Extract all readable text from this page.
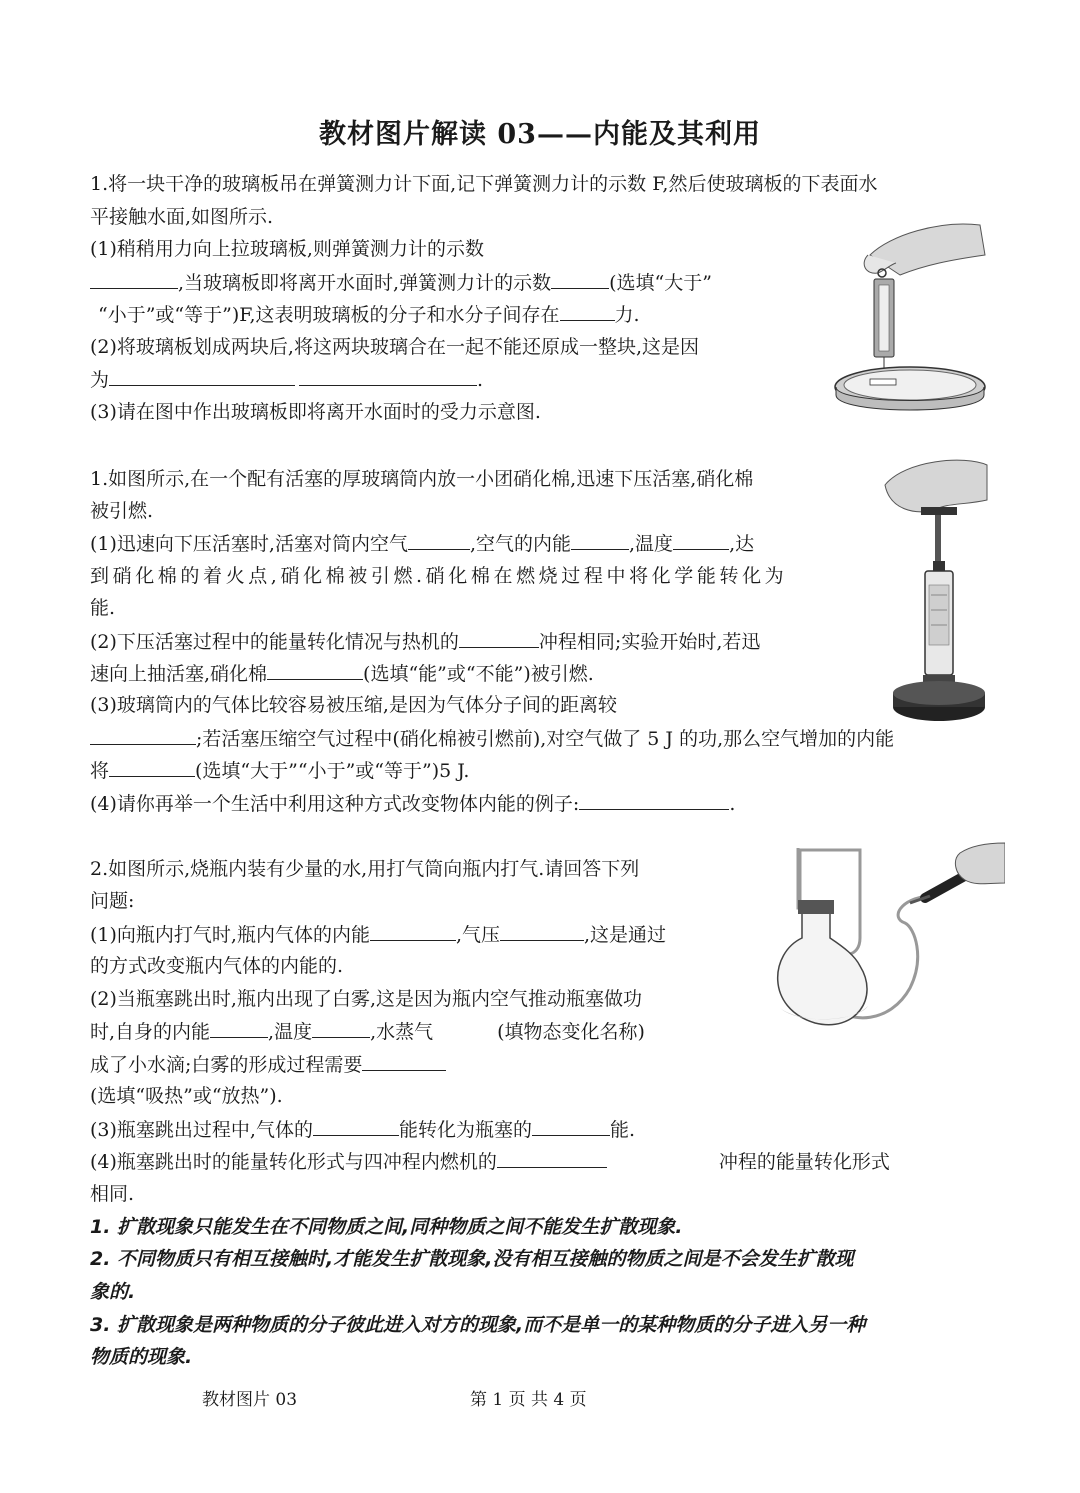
教材图片解读 03——内能及其利用
1.将一块干净的玻璃板吊在弹簧测力计下面,记下弹簧测力计的示数 F,然后使玻璃板的下表面水
平接触水面,如图所示.
(1)稍稍用力向上拉玻璃板,则弹簧测力计的示数
,当玻璃板即将离开水面时,弹簧测力计的示数	(选填“大于”
“小于”或“等于”)F,这表明玻璃板的分子和水分子间存在	力.
(2)将玻璃板划成两块后,将这两块玻璃合在一起不能还原成一整块,这是因
为	.
(3)请在图中作出玻璃板即将离开水面时的受力示意图.
1.如图所示,在一个配有活塞的厚玻璃筒内放一小团硝化棉,迅速下压活塞,硝化棉
被引燃.
(1)迅速向下压活塞时,活塞对筒内空气	,空气的内能	,温度	,达
到硝化棉的着火点,硝化棉被引燃.硝化棉在燃烧过程中将化学能转化为
能.
(2)下压活塞过程中的能量转化情况与热机的	冲程相同;实验开始时,若迅
速向上抽活塞,硝化棉	(选填“能”或“不能”)被引燃.
(3)玻璃筒内的气体比较容易被压缩,是因为气体分子间的距离较
;若活塞压缩空气过程中(硝化棉被引燃前),对空气做了 5 J 的功,那么空气增加的内能
将	(选填“大于”“小于”或“等于”)5 J.
(4)请你再举一个生活中利用这种方式改变物体内能的例子:	.
2.如图所示,烧瓶内装有少量的水,用打气筒向瓶内打气.请回答下列
问题:
(1)向瓶内打气时,瓶内气体的内能	,气压	,这是通过
的方式改变瓶内气体的内能的.
(2)当瓶塞跳出时,瓶内出现了白雾,这是因为瓶内空气推动瓶塞做功
时,自身的内能	,温度	,水蒸气	(填物态变化名称)
成了小水滴;白雾的形成过程需要
(选填“吸热”或“放热”).
(3)瓶塞跳出过程中,气体的	能转化为瓶塞的	能.
(4)瓶塞跳出时的能量转化形式与四冲程内燃机的	冲程的能量转化形式
相同.
1. 扩散现象只能发生在不同物质之间,同种物质之间不能发生扩散现象.
2. 不同物质只有相互接触时,才能发生扩散现象,没有相互接触的物质之间是不会发生扩散现
象的.
3. 扩散现象是两种物质的分子彼此进入对方的现象,而不是单一的某种物质的分子进入另一种
物质的现象.
教材图片 03	第 1 页 共 4 页
